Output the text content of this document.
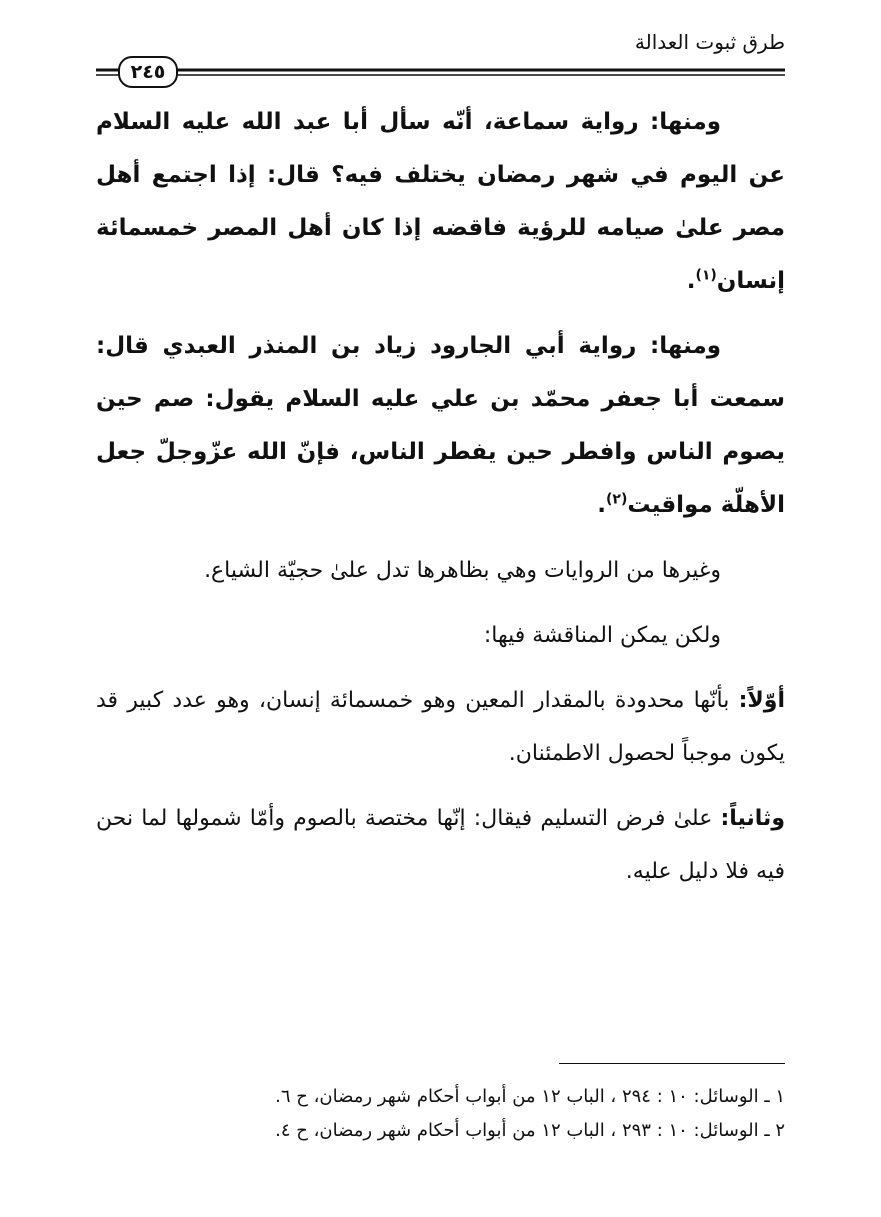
طرق ثبوت العدالة
٢٤٥

ومنها: رواية سماعة، أنّه سأل أبا عبد الله عليه السلام عن اليوم في شهر رمضان يختلف فيه؟ قال: إذا اجتمع أهل مصر علىٰ صيامه للرؤية فاقضه إذا كان أهل المصر خمسمائة إنسان$^{(١)}$.

ومنها: رواية أبي الجارود زياد بن المنذر العبدي قال: سمعت أبا جعفر محمّد بن علي عليه السلام يقول: صم حين يصوم الناس وافطر حين يفطر الناس، فإنّ الله عزّوجلّ جعل الأهلّة مواقيت$^{(٢)}$.

وغيرها من الروايات وهي بظاهرها تدل علىٰ حجيّة الشياع.

ولكن يمكن المناقشة فيها:

أوّلاً: بأنّها محدودة بالمقدار المعين وهو خمسمائة إنسان، وهو عدد كبير قد يكون موجباً لحصول الاطمئنان.

وثانياً: علىٰ فرض التسليم فيقال: إنّها مختصة بالصوم وأمّا شمولها لما نحن فيه فلا دليل عليه.

١ ـ الوسائل: ١٠ : ٢٩٤ ، الباب ١٢ من أبواب أحكام شهر رمضان، ح ٦.

٢ ـ الوسائل: ١٠ : ٢٩٣ ، الباب ١٢ من أبواب أحكام شهر رمضان، ح ٤.
